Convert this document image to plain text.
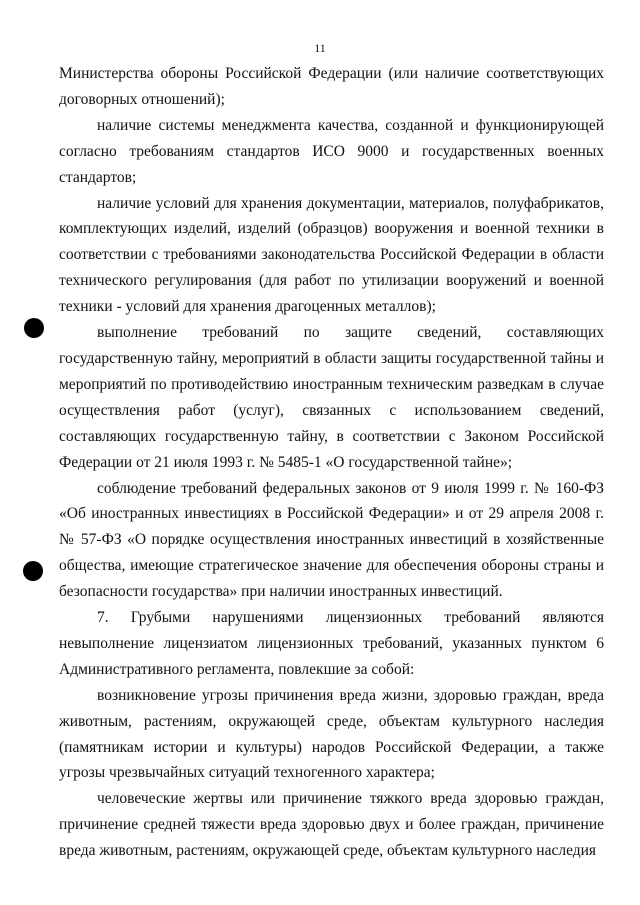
11

Министерства обороны Российской Федерации (или наличие соответствующих договорных отношений);

наличие системы менеджмента качества, созданной и функционирующей согласно требованиям стандартов ИСО 9000 и государственных военных стандартов;

наличие условий для хранения документации, материалов, полуфабрикатов, комплектующих изделий, изделий (образцов) вооружения и военной техники в соответствии с требованиями законодательства Российской Федерации в области технического регулирования (для работ по утилизации вооружений и военной техники - условий для хранения драгоценных металлов);

выполнение требований по защите сведений, составляющих государственную тайну, мероприятий в области защиты государственной тайны и мероприятий по противодействию иностранным техническим разведкам в случае осуществления работ (услуг), связанных с использованием сведений, составляющих государственную тайну, в соответствии с Законом Российской Федерации от 21 июля 1993 г. № 5485-1 «О государственной тайне»;

соблюдение требований федеральных законов от 9 июля 1999 г. № 160-ФЗ «Об иностранных инвестициях в Российской Федерации» и от 29 апреля 2008 г. № 57-ФЗ «О порядке осуществления иностранных инвестиций в хозяйственные общества, имеющие стратегическое значение для обеспечения обороны страны и безопасности государства» при наличии иностранных инвестиций.

7. Грубыми нарушениями лицензионных требований являются невыполнение лицензиатом лицензионных требований, указанных пунктом 6 Административного регламента, повлекшие за собой:

возникновение угрозы причинения вреда жизни, здоровью граждан, вреда животным, растениям, окружающей среде, объектам культурного наследия (памятникам истории и культуры) народов Российской Федерации, а также угрозы чрезвычайных ситуаций техногенного характера;

человеческие жертвы или причинение тяжкого вреда здоровью граждан, причинение средней тяжести вреда здоровью двух и более граждан, причинение вреда животным, растениям, окружающей среде, объектам культурного наследия
